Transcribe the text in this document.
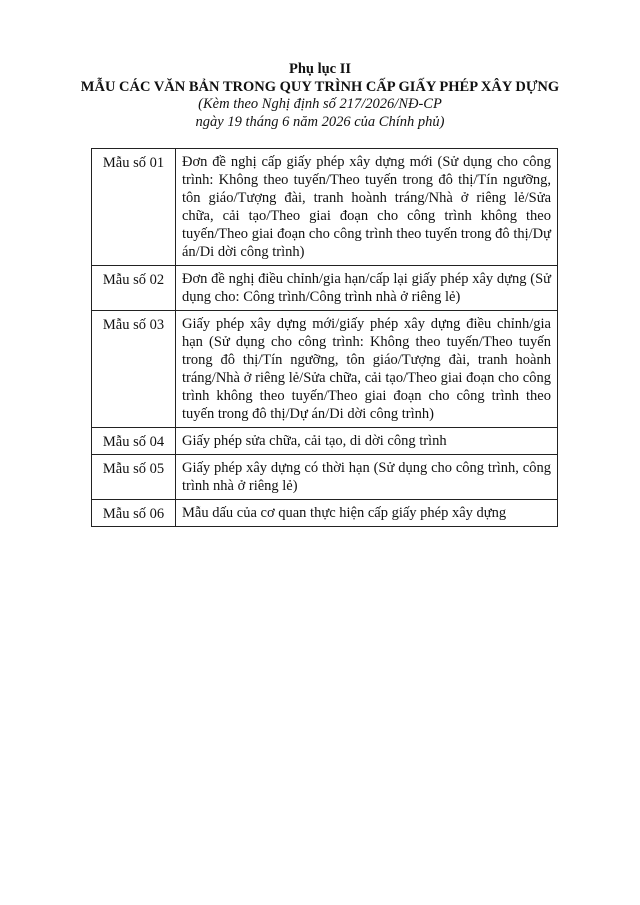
Phụ lục II
MẪU CÁC VĂN BẢN TRONG QUY TRÌNH CẤP GIẤY PHÉP XÂY DỰNG
(Kèm theo Nghị định số 217/2026/NĐ-CP
ngày 19 tháng 6 năm 2026 của Chính phủ)
Mẫu số 01	Đơn đề nghị cấp giấy phép xây dựng mới (Sử dụng cho công trình: Không theo tuyến/Theo tuyến trong đô thị/Tín ngưỡng, tôn giáo/Tượng đài, tranh hoành tráng/Nhà ở riêng lẻ/Sửa chữa, cải tạo/Theo giai đoạn cho công trình không theo tuyến/Theo giai đoạn cho công trình theo tuyến trong đô thị/Dự án/Di dời công trình)
Mẫu số 02	Đơn đề nghị điều chỉnh/gia hạn/cấp lại giấy phép xây dựng (Sử dụng cho: Công trình/Công trình nhà ở riêng lẻ)
Mẫu số 03	Giấy phép xây dựng mới/giấy phép xây dựng điều chỉnh/gia hạn (Sử dụng cho công trình: Không theo tuyến/Theo tuyến trong đô thị/Tín ngưỡng, tôn giáo/Tượng đài, tranh hoành tráng/Nhà ở riêng lẻ/Sửa chữa, cải tạo/Theo giai đoạn cho công trình không theo tuyến/Theo giai đoạn cho công trình theo tuyến trong đô thị/Dự án/Di dời công trình)
Mẫu số 04	Giấy phép sửa chữa, cải tạo, di dời công trình
Mẫu số 05	Giấy phép xây dựng có thời hạn (Sử dụng cho công trình, công trình nhà ở riêng lẻ)
Mẫu số 06	Mẫu dấu của cơ quan thực hiện cấp giấy phép xây dựng
